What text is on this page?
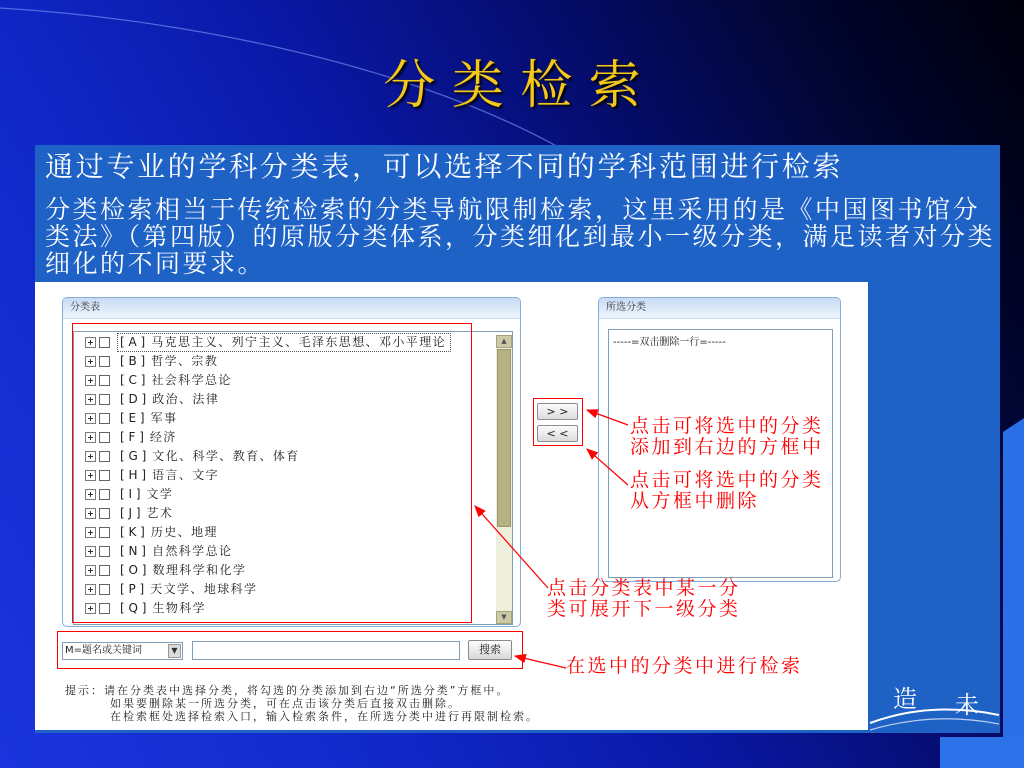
分 类 检 索

通过专业的学科分类表，可以选择不同的学科范围进行检索

分类检索相当于传统检索的分类导航限制检索，这里采用的是《中国图书馆分类法》（第四版）的原版分类体系，分类细化到最小一级分类，满足读者对分类细化的不同要求。

分类表
[ A ] 马克思主义、列宁主义、毛泽东思想、邓小平理论
[ B ] 哲学、宗教
[ C ] 社会科学总论
[ D ] 政治、法律
[ E ] 军事
[ F ] 经济
[ G ] 文化、科学、教育、体育
[ H ] 语言、文字
[ I ] 文学
[ J ] 艺术
[ K ] 历史、地理
[ N ] 自然科学总论
[ O ] 数理科学和化学
[ P ] 天文学、地球科学
[ Q ] 生物科学
▲
▼
> >
< <
所选分类
-----=双击删除一行=-----
M=题名或关键词	▼	搜索
提示：请在分类表中选择分类，将勾选的分类添加到右边“所选分类”方框中。
如果要删除某一所选分类，可在点击该分类后直接双击删除。
在检索框处选择检索入口，输入检索条件，在所选分类中进行再限制检索。
点击可将选中的分类添加到右边的方框中
点击可将选中的分类从方框中删除
点击分类表中某一分类可展开下一级分类
在选中的分类中进行检索
造 未
